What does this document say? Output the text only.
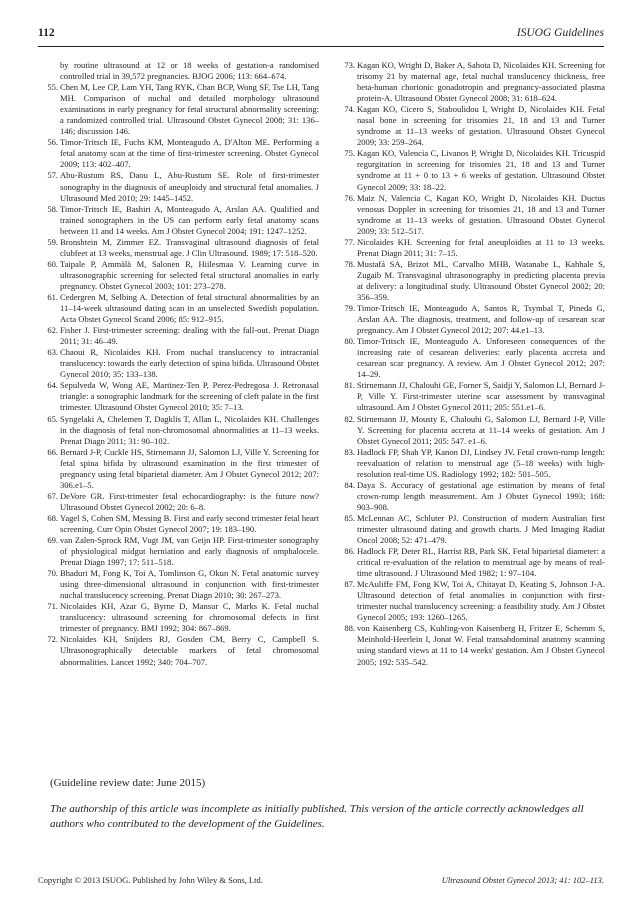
112	ISUOG Guidelines
by routine ultrasound at 12 or 18 weeks of gestation-a randomised controlled trial in 39,572 pregnancies. BJOG 2006; 113: 664–674.
55. Chen M, Lee CP, Lam YH, Tang RYK, Chan BCP, Wong SF, Tse LH, Tang MH. Comparison of nuchal and detailed morphology ultrasound examinations in early pregnancy for fetal structural abnormality screening: a randomized controlled trial. Ultrasound Obstet Gynecol 2008; 31: 136–146; discussion 146.
56. Timor-Tritsch IE, Fuchs KM, Monteagudo A, D'Alton ME. Performing a fetal anatomy scan at the time of first-trimester screening. Obstet Gynecol 2009; 113: 402–407.
57. Abu-Rustum RS, Daou L, Abu-Rustum SE. Role of first-trimester sonography in the diagnosis of aneuploidy and structural fetal anomalies. J Ultrasound Med 2010; 29: 1445–1452.
58. Timor-Tritsch IE, Bashiri A, Monteagudo A, Arslan AA. Qualified and trained sonographers in the US can perform early fetal anatomy scans between 11 and 14 weeks. Am J Obstet Gynecol 2004; 191: 1247–1252.
59. Bronshtein M, Zimmer EZ. Transvaginal ultrasound diagnosis of fetal clubfeet at 13 weeks, menstrual age. J Clin Ultrasound. 1989; 17: 518–520.
60. Taipale P, Ammälä M, Salonen R, Hiilesmaa V. Learning curve in ultrasonographic screening for selected fetal structural anomalies in early pregnancy. Obstet Gynecol 2003; 101: 273–278.
61. Cedergren M, Selbing A. Detection of fetal structural abnormalities by an 11–14-week ultrasound dating scan in an unselected Swedish population. Acta Obstet Gynecol Scand 2006; 85: 912–915.
62. Fisher J. First-trimester screening: dealing with the fall-out. Prenat Diagn 2011; 31: 46–49.
63. Chaoui R, Nicolaides KH. From nuchal translucency to intracranial translucency: towards the early detection of spina bifida. Ultrasound Obstet Gynecol 2010; 35: 133–138.
64. Sepulveda W, Wong AE, Martinez-Ten P, Perez-Pedregosa J. Retronasal triangle: a sonographic landmark for the screening of cleft palate in the first trimester. Ultrasound Obstet Gynecol 2010; 35: 7–13.
65. Syngelaki A, Chelemen T, Dagklis T, Allan L, Nicolaides KH. Challenges in the diagnosis of fetal non-chromosomal abnormalities at 11–13 weeks. Prenat Diagn 2011; 31: 90–102.
66. Bernard J-P, Cuckle HS, Stirnemann JJ, Salomon LJ, Ville Y. Screening for fetal spina bifida by ultrasound examination in the first trimester of pregnancy using fetal biparietal diameter. Am J Obstet Gynecol 2012; 207: 306.e1–5.
67. DeVore GR. First-trimester fetal echocardiography: is the future now? Ultrasound Obstet Gynecol 2002; 20: 6–8.
68. Yagel S, Cohen SM, Messing B. First and early second trimester fetal heart screening. Curr Opin Obstet Gynecol 2007; 19: 183–190.
69. van Zalen-Sprock RM, Vugt JM, van Geijn HP. First-trimester sonography of physiological midgut herniation and early diagnosis of omphalocele. Prenat Diagn 1997; 17: 511–518.
70. Bhaduri M, Fong K, Toi A, Tomlinson G, Okun N. Fetal anatomic survey using three-dimensional ultrasound in conjunction with first-trimester nuchal translucency screening. Prenat Diagn 2010; 30: 267–273.
71. Nicolaides KH, Azar G, Byrne D, Mansur C, Marks K. Fetal nuchal translucency: ultrasound screening for chromosomal defects in first trimester of pregnancy. BMJ 1992; 304: 867–869.
72. Nicolaides KH, Snijders RJ, Gosden CM, Berry C, Campbell S. Ultrasonographically detectable markers of fetal chromosomal abnormalities. Lancet 1992; 340: 704–707.
73. Kagan KO, Wright D, Baker A, Sahota D, Nicolaides KH. Screening for trisomy 21 by maternal age, fetal nuchal translucency thickness, free beta-human chorionic gonadotropin and pregnancy-associated plasma protein-A. Ultrasound Obstet Gynecol 2008; 31: 618–624.
74. Kagan KO, Cicero S, Staboulidou I, Wright D, Nicolaides KH. Fetal nasal bone in screening for trisomies 21, 18 and 13 and Turner syndrome at 11–13 weeks of gestation. Ultrasound Obstet Gynecol 2009; 33: 259–264.
75. Kagan KO, Valencia C, Livanos P, Wright D, Nicolaides KH. Tricuspid regurgitation in screening for trisomies 21, 18 and 13 and Turner syndrome at 11 + 0 to 13 + 6 weeks of gestation. Ultrasound Obstet Gynecol 2009; 33: 18–22.
76. Maiz N, Valencia C, Kagan KO, Wright D, Nicolaides KH. Ductus venosus Doppler in screening for trisomies 21, 18 and 13 and Turner syndrome at 11–13 weeks of gestation. Ultrasound Obstet Gynecol 2009; 33: 512–517.
77. Nicolaides KH. Screening for fetal aneuploidies at 11 to 13 weeks. Prenat Diagn 2011; 31: 7–15.
78. Mustafá SA, Brizot ML, Carvalho MHB, Watanabe L, Kahhale S, Zugaib M. Transvaginal ultrasonography in predicting placenta previa at delivery: a longitudinal study. Ultrasound Obstet Gynecol 2002; 20: 356–359.
79. Timor-Tritsch IE, Monteagudo A, Santos R, Tsymbal T, Pineda G, Arslan AA. The diagnosis, treatment, and follow-up of cesarean scar pregnancy. Am J Obstet Gynecol 2012; 207: 44.e1–13.
80. Timor-Tritsch IE, Monteagudo A. Unforeseen consequences of the increasing rate of cesarean deliveries: early placenta accreta and cesarean scar pregnancy. A review. Am J Obstet Gynecol 2012; 207: 14–29.
81. Stirnemann JJ, Chalouhi GE, Forner S, Saidji Y, Salomon LJ, Bernard J-P, Ville Y. First-trimester uterine scar assessment by transvaginal ultrasound. Am J Obstet Gynecol 2011; 205: 551.e1–6.
82. Stirnemann JJ, Mousty E, Chalouhi G, Salomon LJ, Bernard J-P, Ville Y. Screening for placenta accreta at 11–14 weeks of gestation. Am J Obstet Gynecol 2011; 205: 547. e1–6.
83. Hadlock FP, Shah YP, Kanon DJ, Lindsey JV. Fetal crown-rump length: reevaluation of relation to menstrual age (5–18 weeks) with high-resolution real-time US. Radiology 1992; 182: 501–505.
84. Daya S. Accuracy of gestational age estimation by means of fetal crown-rump length measurement. Am J Obstet Gynecol 1993; 168: 903–908.
85. McLennan AC, Schluter PJ. Construction of modern Australian first trimester ultrasound dating and growth charts. J Med Imaging Radiat Oncol 2008; 52: 471–479.
86. Hadlock FP, Deter RL, Harrist RB, Park SK. Fetal biparietal diameter: a critical re-evaluation of the relation to menstrual age by means of real-time ultrasound. J Ultrasound Med 1982; 1: 97–104.
87. McAuliffe FM, Fong KW, Toi A, Chitayat D, Keating S, Johnson J-A. Ultrasound detection of fetal anomalies in conjunction with first-trimester nuchal translucency screening: a feasibility study. Am J Obstet Gynecol 2005; 193: 1260–1265.
88. von Kaisenberg CS, Kuhling-von Kaisenberg H, Fritzer E, Schemm S, Meinhold-Heerlein I, Jonat W. Fetal transabdominal anatomy scanning using standard views at 11 to 14 weeks' gestation. Am J Obstet Gynecol 2005; 192: 535–542.
(Guideline review date: June 2015)
The authorship of this article was incomplete as initially published. This version of the article correctly acknowledges all authors who contributed to the development of the Guidelines.
Copyright © 2013 ISUOG. Published by John Wiley & Sons, Ltd.	Ultrasound Obstet Gynecol 2013; 41: 102–113.
